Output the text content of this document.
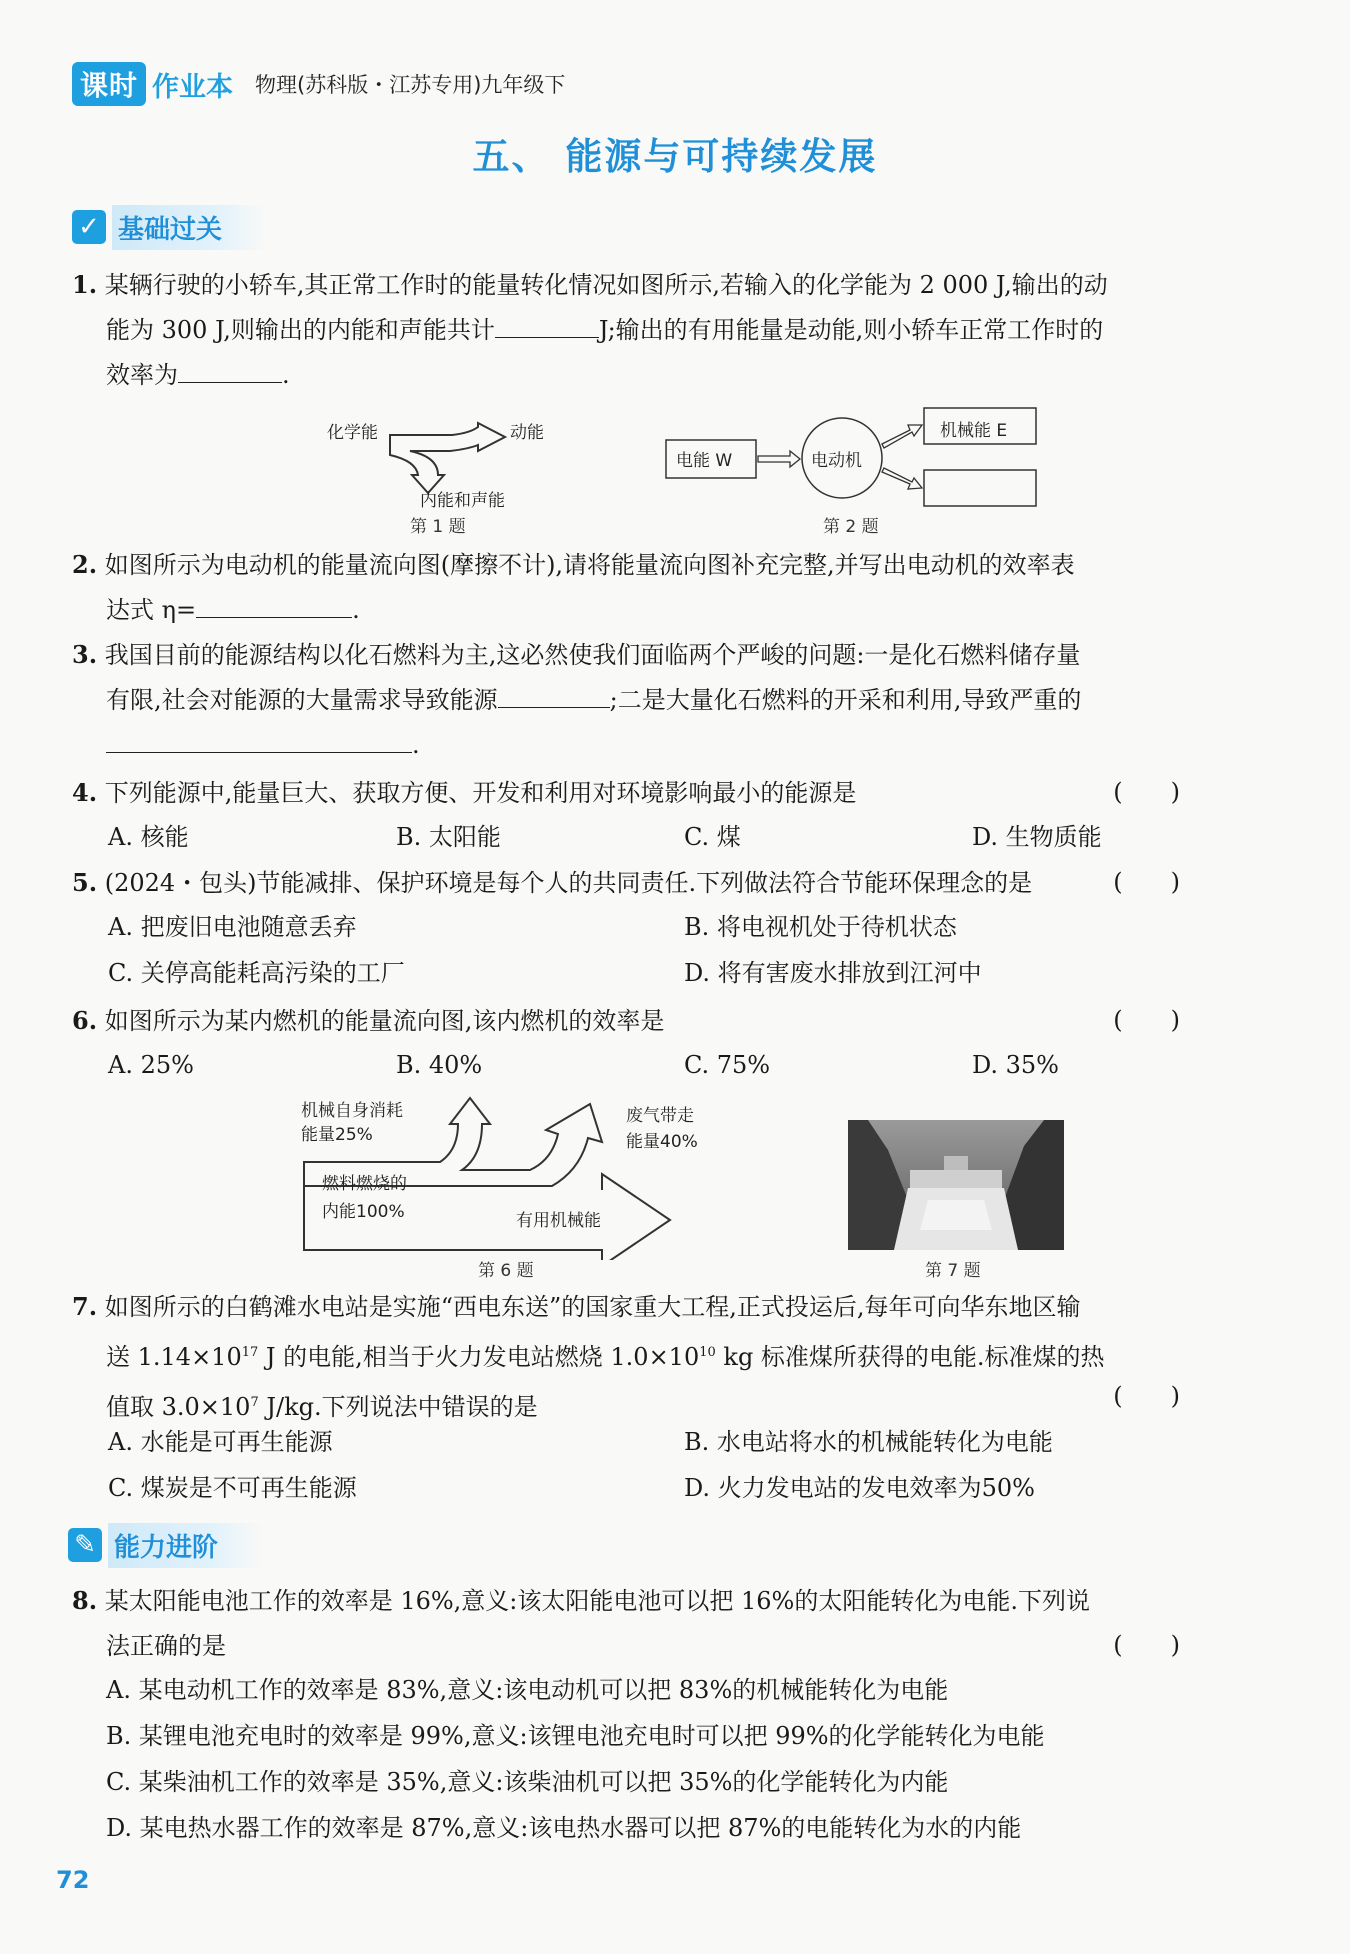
课时 作业本 物理(苏科版・江苏专用)九年级下
五、 能源与可持续发展
✓ 基础过关
1. 某辆行驶的小轿车,其正常工作时的能量转化情况如图所示,若输入的化学能为 2 000 J,输出的动
能为 300 J,则输出的内能和声能共计	J;输出的有用能量是动能,则小轿车正常工作时的
效率为	.
化学能	动能
内能和声能
第 1 题
电能 W	电动机
机械能 E
第 2 题
2. 如图所示为电动机的能量流向图(摩擦不计),请将能量流向图补充完整,并写出电动机的效率表
达式 η=	.
3. 我国目前的能源结构以化石燃料为主,这必然使我们面临两个严峻的问题:一是化石燃料储存量
有限,社会对能源的大量需求导致能源	;二是大量化石燃料的开采和利用,导致严重的
.
4. 下列能源中,能量巨大、获取方便、开发和利用对环境影响最小的能源是	(　　)
A. 核能	B. 太阳能	C. 煤	D. 生物质能
5. (2024・包头)节能减排、保护环境是每个人的共同责任.下列做法符合节能环保理念的是	(　　)
A. 把废旧电池随意丢弃	B. 将电视机处于待机状态
C. 关停高能耗高污染的工厂	D. 将有害废水排放到江河中
6. 如图所示为某内燃机的能量流向图,该内燃机的效率是	(　　)
A. 25%	B. 40%	C. 75%	D. 35%
机械自身消耗
能量25%
废气带走
能量40%
燃料燃烧的
内能100%	有用机械能
第 6 题	第 7 题
7. 如图所示的白鹤滩水电站是实施“西电东送”的国家重大工程,正式投运后,每年可向华东地区输
送 $1.14\times 10^{17}$ J 的电能,相当于火力发电站燃烧 $1.0\times 10^{10}$ kg 标准煤所获得的电能.标准煤的热
值取 $3.0\times 10^7$ J/kg.下列说法中错误的是	(　　)
A. 水能是可再生能源	B. 水电站将水的机械能转化为电能
C. 煤炭是不可再生能源	D. 火力发电站的发电效率为50%
✎ 能力进阶
8. 某太阳能电池工作的效率是 16%,意义:该太阳能电池可以把 16%的太阳能转化为电能.下列说
法正确的是	(　　)
A. 某电动机工作的效率是 83%,意义:该电动机可以把 83%的机械能转化为电能
B. 某锂电池充电时的效率是 99%,意义:该锂电池充电时可以把 99%的化学能转化为电能
C. 某柴油机工作的效率是 35%,意义:该柴油机可以把 35%的化学能转化为内能
D. 某电热水器工作的效率是 87%,意义:该电热水器可以把 87%的电能转化为水的内能
72
